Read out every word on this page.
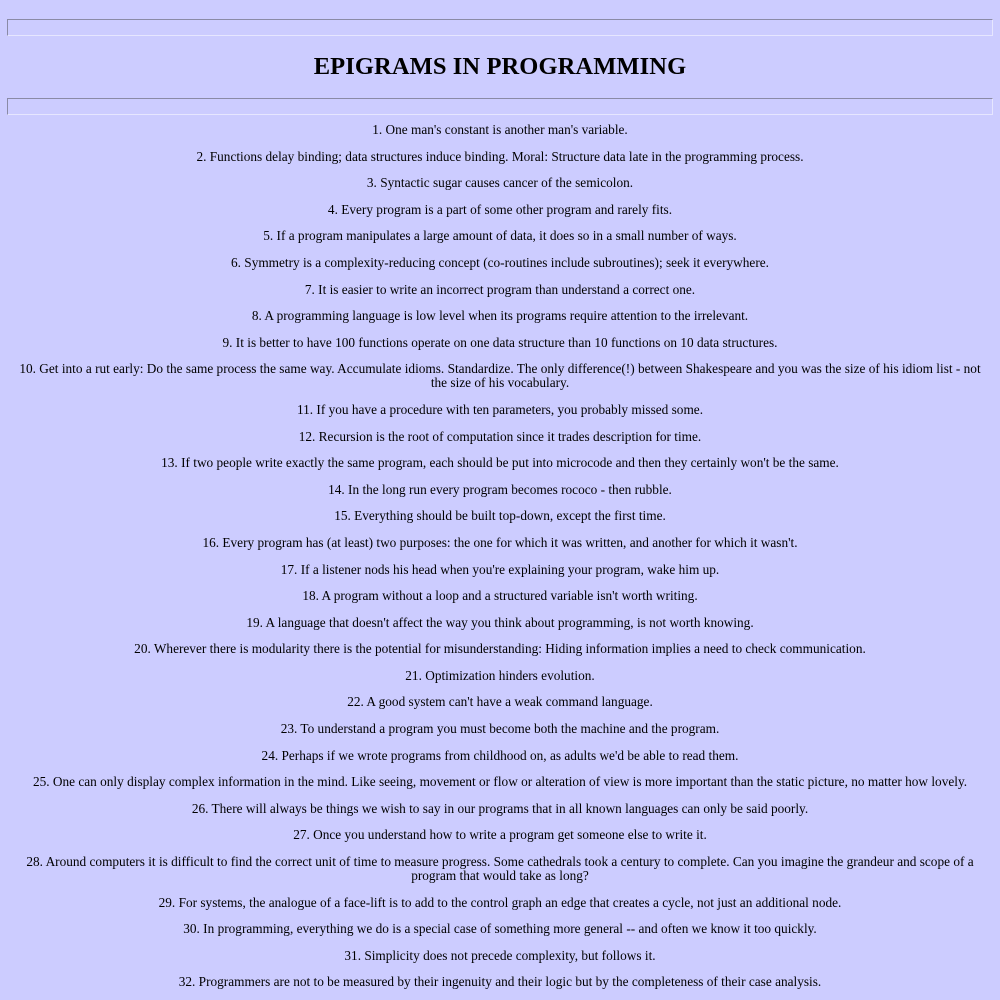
EPIGRAMS IN PROGRAMMING
1. One man's constant is another man's variable.
2. Functions delay binding; data structures induce binding. Moral: Structure data late in the programming process.
3. Syntactic sugar causes cancer of the semicolon.
4. Every program is a part of some other program and rarely fits.
5. If a program manipulates a large amount of data, it does so in a small number of ways.
6. Symmetry is a complexity-reducing concept (co-routines include subroutines); seek it everywhere.
7. It is easier to write an incorrect program than understand a correct one.
8. A programming language is low level when its programs require attention to the irrelevant.
9. It is better to have 100 functions operate on one data structure than 10 functions on 10 data structures.
10. Get into a rut early: Do the same process the same way. Accumulate idioms. Standardize. The only difference(!) between Shakespeare and you was the size of his idiom list - not the size of his vocabulary.
11. If you have a procedure with ten parameters, you probably missed some.
12. Recursion is the root of computation since it trades description for time.
13. If two people write exactly the same program, each should be put into microcode and then they certainly won't be the same.
14. In the long run every program becomes rococo - then rubble.
15. Everything should be built top-down, except the first time.
16. Every program has (at least) two purposes: the one for which it was written, and another for which it wasn't.
17. If a listener nods his head when you're explaining your program, wake him up.
18. A program without a loop and a structured variable isn't worth writing.
19. A language that doesn't affect the way you think about programming, is not worth knowing.
20. Wherever there is modularity there is the potential for misunderstanding: Hiding information implies a need to check communication.
21. Optimization hinders evolution.
22. A good system can't have a weak command language.
23. To understand a program you must become both the machine and the program.
24. Perhaps if we wrote programs from childhood on, as adults we'd be able to read them.
25. One can only display complex information in the mind. Like seeing, movement or flow or alteration of view is more important than the static picture, no matter how lovely.
26. There will always be things we wish to say in our programs that in all known languages can only be said poorly.
27. Once you understand how to write a program get someone else to write it.
28. Around computers it is difficult to find the correct unit of time to measure progress. Some cathedrals took a century to complete. Can you imagine the grandeur and scope of a program that would take as long?
29. For systems, the analogue of a face-lift is to add to the control graph an edge that creates a cycle, not just an additional node.
30. In programming, everything we do is a special case of something more general -- and often we know it too quickly.
31. Simplicity does not precede complexity, but follows it.
32. Programmers are not to be measured by their ingenuity and their logic but by the completeness of their case analysis.
